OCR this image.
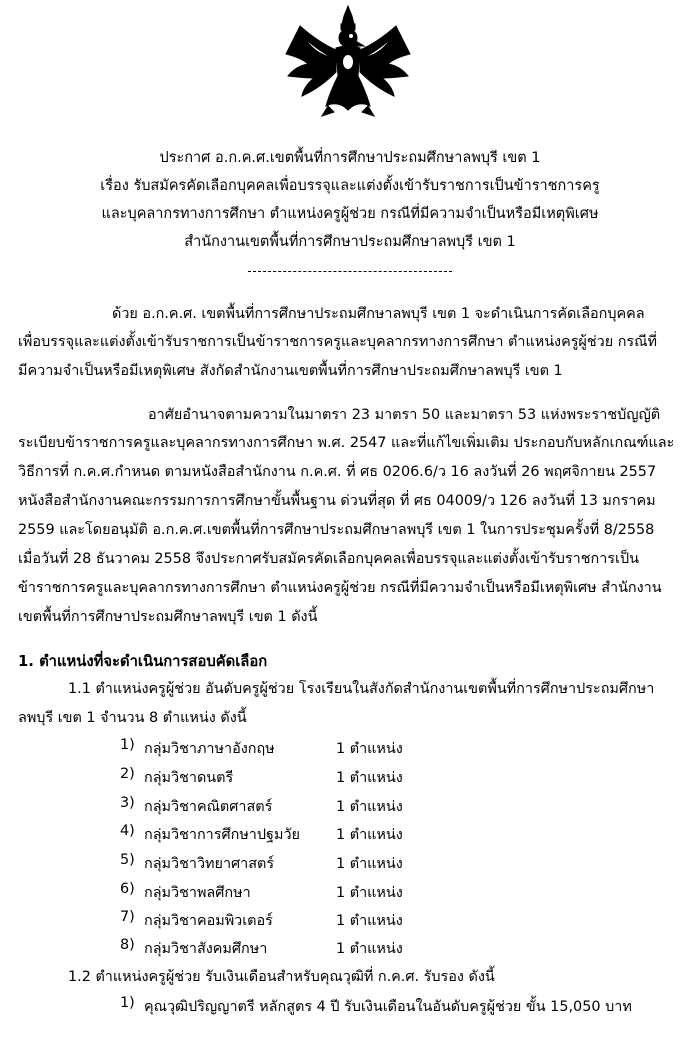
ประกาศ อ.ก.ค.ศ.เขตพื้นที่การศึกษาประถมศึกษาลพบุรี เขต 1
เรื่อง รับสมัครคัดเลือกบุคคลเพื่อบรรจุและแต่งตั้งเข้ารับราชการเป็นข้าราชการครู
และบุคลากรทางการศึกษา ตำแหน่งครูผู้ช่วย กรณีที่มีความจำเป็นหรือมีเหตุพิเศษ
สำนักงานเขตพื้นที่การศึกษาประถมศึกษาลพบุรี เขต 1
ด้วย อ.ก.ค.ศ. เขตพื้นที่การศึกษาประถมศึกษาลพบุรี เขต 1 จะดำเนินการคัดเลือกบุคคล
เพื่อบรรจุและแต่งตั้งเข้ารับราชการเป็นข้าราชการครูและบุคลากรทางการศึกษา ตำแหน่งครูผู้ช่วย กรณีที่
มีความจำเป็นหรือมีเหตุพิเศษ สังกัดสำนักงานเขตพื้นที่การศึกษาประถมศึกษาลพบุรี เขต 1
อาศัยอำนาจตามความในมาตรา 23 มาตรา 50 และมาตรา 53 แห่งพระราชบัญญัติ
ระเบียบข้าราชการครูและบุคลากรทางการศึกษา พ.ศ. 2547 และที่แก้ไขเพิ่มเติม ประกอบกับหลักเกณฑ์และ
วิธีการที่ ก.ค.ศ.กำหนด ตามหนังสือสำนักงาน ก.ค.ศ. ที่ ศธ 0206.6/ว 16 ลงวันที่ 26 พฤศจิกายน 2557
หนังสือสำนักงานคณะกรรมการการศึกษาขั้นพื้นฐาน ด่วนที่สุด ที่ ศธ 04009/ว 126 ลงวันที่ 13 มกราคม
2559 และโดยอนุมัติ อ.ก.ค.ศ.เขตพื้นที่การศึกษาประถมศึกษาลพบุรี เขต 1 ในการประชุมครั้งที่ 8/2558
เมื่อวันที่ 28 ธันวาคม 2558 จึงประกาศรับสมัครคัดเลือกบุคคลเพื่อบรรจุและแต่งตั้งเข้ารับราชการเป็น
ข้าราชการครูและบุคลากรทางการศึกษา ตำแหน่งครูผู้ช่วย กรณีที่มีความจำเป็นหรือมีเหตุพิเศษ สำนักงาน
เขตพื้นที่การศึกษาประถมศึกษาลพบุรี เขต 1 ดังนี้
1. ตำแหน่งที่จะดำเนินการสอบคัดเลือก
1.1 ตำแหน่งครูผู้ช่วย อันดับครูผู้ช่วย โรงเรียนในสังกัดสำนักงานเขตพื้นที่การศึกษาประถมศึกษา
ลพบุรี เขต 1 จำนวน 8 ตำแหน่ง ดังนี้
1) กลุ่มวิชาภาษาอังกฤษ	1 ตำแหน่ง
2) กลุ่มวิชาดนตรี	1 ตำแหน่ง
3) กลุ่มวิชาคณิตศาสตร์	1 ตำแหน่ง
4) กลุ่มวิชาการศึกษาปฐมวัย	1 ตำแหน่ง
5) กลุ่มวิชาวิทยาศาสตร์	1 ตำแหน่ง
6) กลุ่มวิชาพลศึกษา	1 ตำแหน่ง
7) กลุ่มวิชาคอมพิวเตอร์	1 ตำแหน่ง
8) กลุ่มวิชาสังคมศึกษา	1 ตำแหน่ง
1.2 ตำแหน่งครูผู้ช่วย รับเงินเดือนสำหรับคุณวุฒิที่ ก.ค.ศ. รับรอง ดังนี้
1) คุณวุฒิปริญญาตรี หลักสูตร 4 ปี รับเงินเดือนในอันดับครูผู้ช่วย ขั้น 15,050 บาท
